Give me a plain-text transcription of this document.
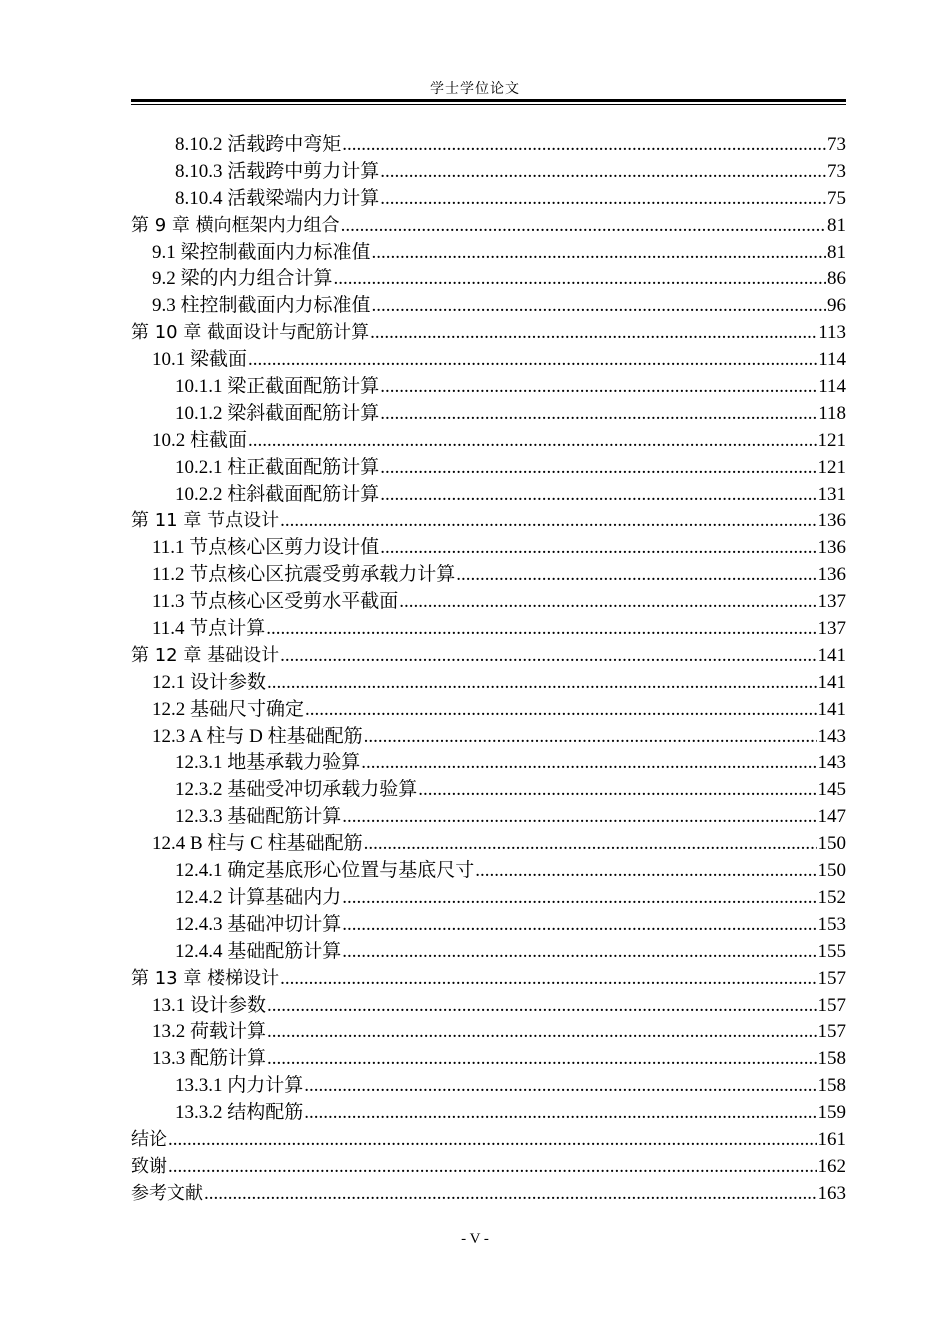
学士学位论文
8.10.2 活载跨中弯矩 .....	73
8.10.3 活载跨中剪力计算 .....	73
8.10.4 活载梁端内力计算 .....	75
第 9 章 横向框架内力组合 .....	81
9.1 梁控制截面内力标准值 .....	81
9.2 梁的内力组合计算 .....	86
9.3 柱控制截面内力标准值 .....	96
第 10 章 截面设计与配筋计算 .....	113
10.1 梁截面 .....	114
10.1.1 梁正截面配筋计算 .....	114
10.1.2 梁斜截面配筋计算 .....	118
10.2 柱截面 .....	121
10.2.1 柱正截面配筋计算 .....	121
10.2.2 柱斜截面配筋计算 .....	131
第 11 章 节点设计 .....	136
11.1 节点核心区剪力设计值 .....	136
11.2 节点核心区抗震受剪承载力计算 .....	136
11.3 节点核心区受剪水平截面 .....	137
11.4 节点计算 .....	137
第 12 章 基础设计 .....	141
12.1 设计参数 .....	141
12.2 基础尺寸确定 .....	141
12.3 A 柱与 D 柱基础配筋 .....	143
12.3.1 地基承载力验算 .....	143
12.3.2 基础受冲切承载力验算 .....	145
12.3.3 基础配筋计算 .....	147
12.4 B 柱与 C 柱基础配筋 .....	150
12.4.1 确定基底形心位置与基底尺寸 .....	150
12.4.2 计算基础内力 .....	152
12.4.3 基础冲切计算 .....	153
12.4.4 基础配筋计算 .....	155
第 13 章 楼梯设计 .....	157
13.1 设计参数 .....	157
13.2 荷载计算 .....	157
13.3 配筋计算 .....	158
13.3.1 内力计算 .....	158
13.3.2 结构配筋 .....	159
结论 .....	161
致谢 .....	162
参考文献 .....	163
- V -
